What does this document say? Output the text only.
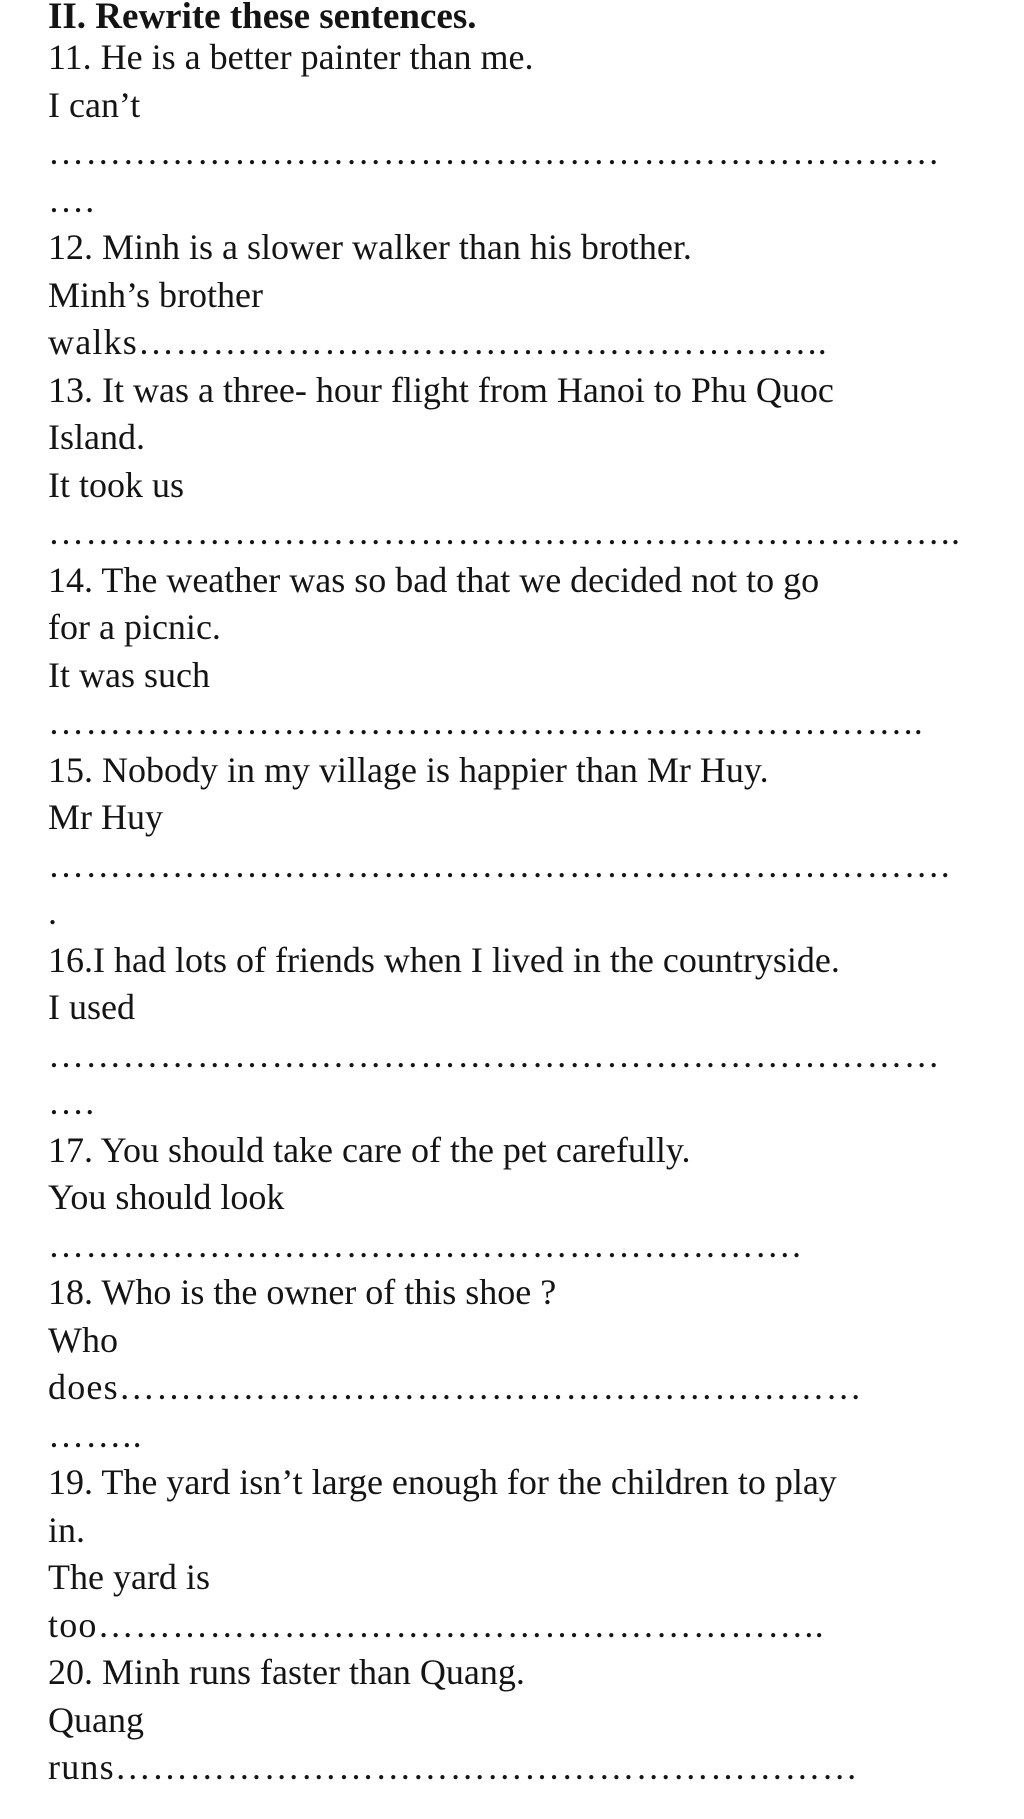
II. Rewrite these sentences.
11. He is a better painter than me.
I can’t
………………………………………………………………
….
12. Minh is a slower walker than his brother.
Minh’s brother
walks………………………………………………..
13. It was a three- hour flight from Hanoi to Phu Quoc
Island.
It took us
………………………………………………………………..
14. The weather was so bad that we decided not to go
for a picnic.
It was such
……………………………………………………………..
15. Nobody in my village is happier than Mr Huy.
Mr Huy
……………………………………………………………….
.
16.I had lots of friends when I lived in the countryside.
I used
………………………………………………………………
….
17. You should take care of the pet carefully.
You should look
…………………………………………………….
18. Who is the owner of this shoe ?
Who
does……………………………………………………
……..
19. The yard isn’t large enough for the children to play
in.
The yard is
too…………………………………………………..
20. Minh runs faster than Quang.
Quang
runs……………………………………………………
